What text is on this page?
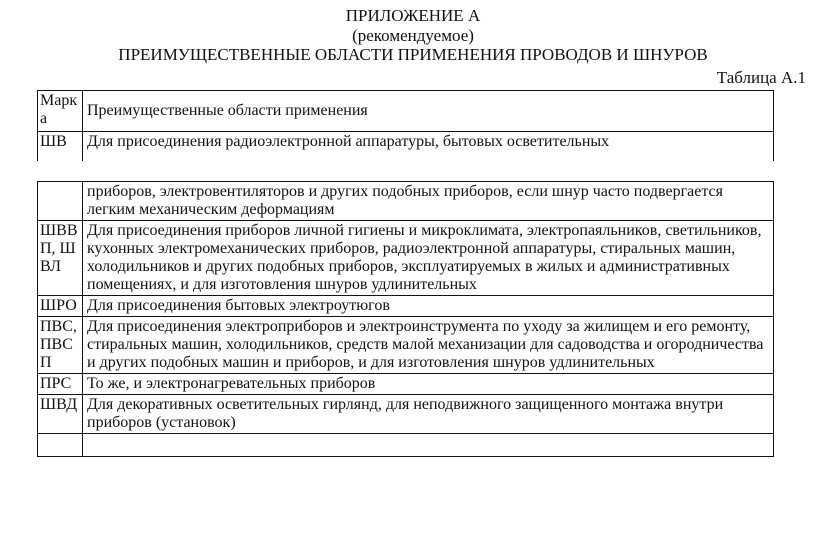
ПРИЛОЖЕНИЕ А
(рекомендуемое)
ПРЕИМУЩЕСТВЕННЫЕ ОБЛАСТИ ПРИМЕНЕНИЯ ПРОВОДОВ И ШНУРОВ
Таблица А.1
Марка	Преимущественные области применения
ШВ	Для присоединения радиоэлектронной аппаратуры, бытовых осветительных
	приборов, электровентиляторов и других подобных приборов, если шнур часто подвергается легким механическим деформациям
ШВВП, ШВЛ	Для присоединения приборов личной гигиены и микроклимата, электропаяльников, светильников, кухонных электромеханических приборов, радиоэлектронной аппаратуры, стиральных машин, холодильников и других подобных приборов, эксплуатируемых в жилых и административных помещениях, и для изготовления шнуров удлинительных
ШРО	Для присоединения бытовых электроутюгов
ПВС, ПВСП	Для присоединения электроприборов и электроинструмента по уходу за жилищем и его ремонту, стиральных машин, холодильников, средств малой механизации для садоводства и огородничества и других подобных машин и приборов, и для изготовления шнуров удлинительных
ПРС	То же, и электронагревательных приборов
ШВД	Для декоративных осветительных гирлянд, для неподвижного защищенного монтажа внутри приборов (установок)
